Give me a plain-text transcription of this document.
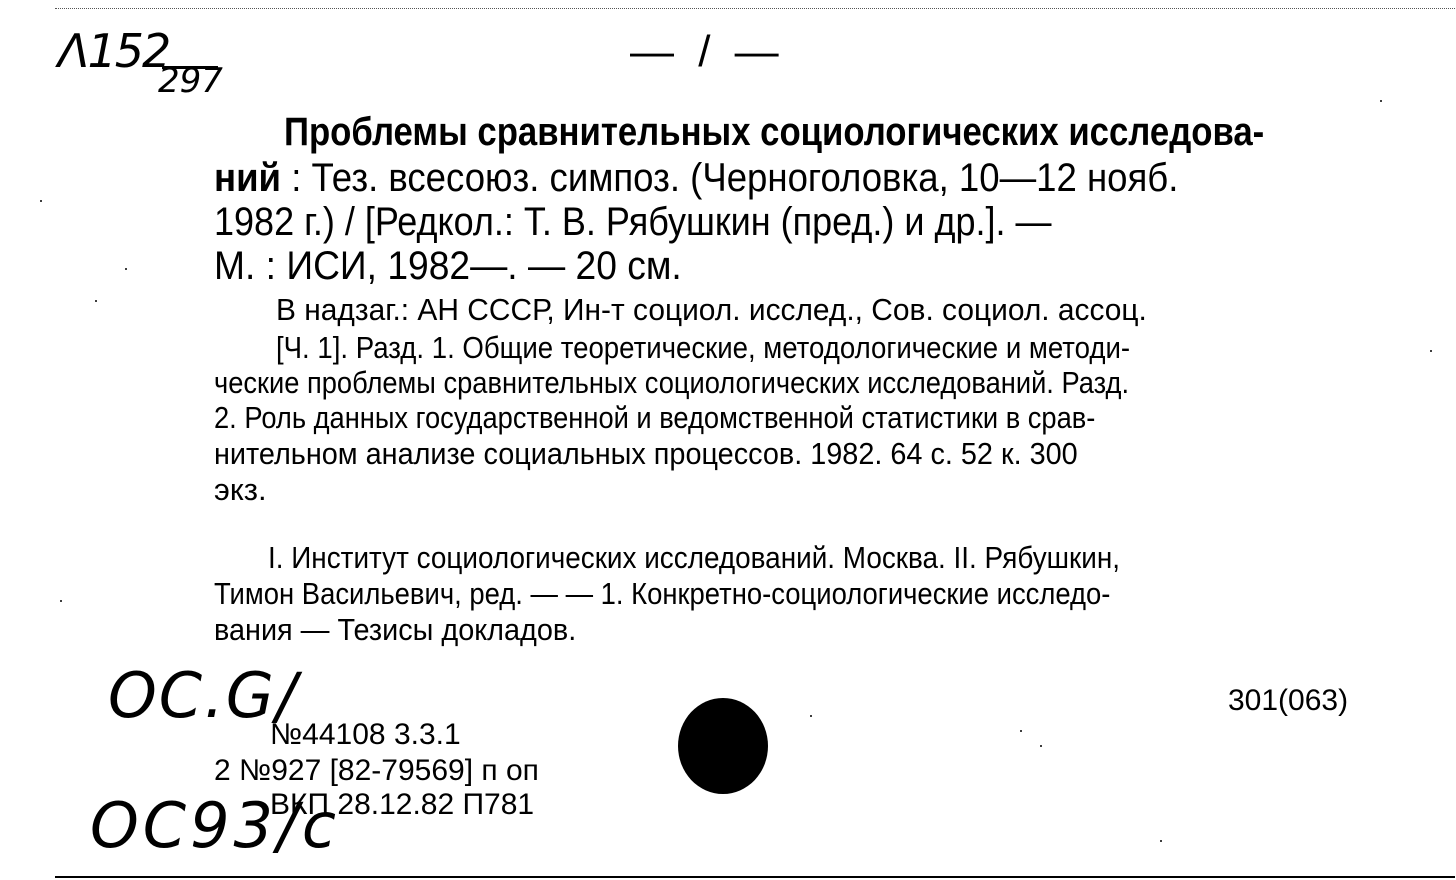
Λ152
297
— / —
Проблемы сравнительных социологических исследова-
ний : Тез. всесоюз. симпоз. (Черноголовка, 10—12 нояб.
1982 г.) / [Редкол.: Т. В. Рябушкин (пред.) и др.]. —
М. : ИСИ, 1982—. — 20 см.
В надзаг.: АН СССР, Ин-т социол. исслед., Сов. социол. ассоц.
[Ч. 1]. Разд. 1. Общие теоретические, методологические и методи-
ческие проблемы сравнительных социологических исследований. Разд.
2. Роль данных государственной и ведомственной статистики в срав-
нительном анализе социальных процессов. 1982. 64 с. 52 к. 300
экз.
I. Институт социологических исследований. Москва. II. Рябушкин,
Тимон Васильевич, ред. — — 1. Конкретно-социологические исследо-
вания — Тезисы докладов.
301(063)
№44108 3.3.1
2 №927 [82-79569] п оп
ВКП 28.12.82 П781
OC.G/
OC93/c
